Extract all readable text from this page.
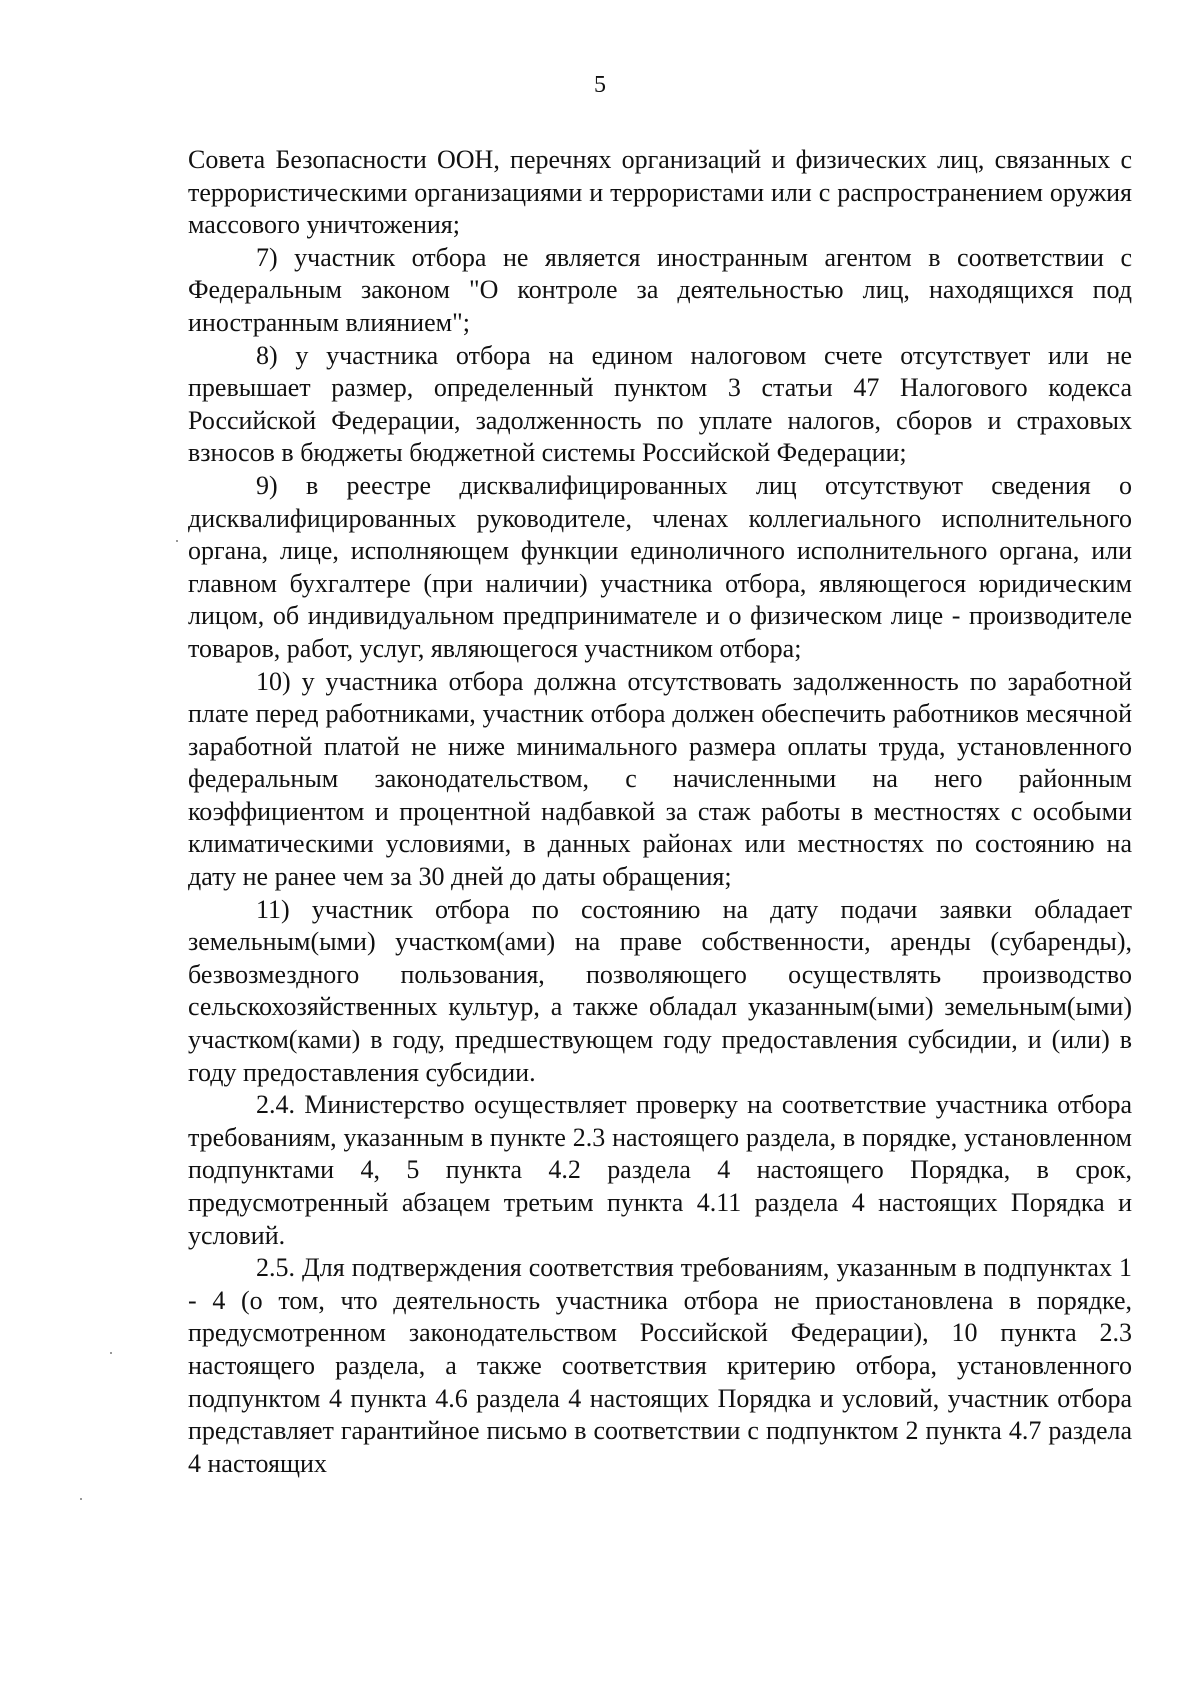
5

Совета Безопасности ООН, перечнях организаций и физических лиц, связанных с террористическими организациями и террористами или с распространением оружия массового уничтожения;

7) участник отбора не является иностранным агентом в соответствии с Федеральным законом "О контроле за деятельностью лиц, находящихся под иностранным влиянием";

8) у участника отбора на едином налоговом счете отсутствует или не превышает размер, определенный пунктом 3 статьи 47 Налогового кодекса Российской Федерации, задолженность по уплате налогов, сборов и страховых взносов в бюджеты бюджетной системы Российской Федерации;

9) в реестре дисквалифицированных лиц отсутствуют сведения о дисквалифицированных руководителе, членах коллегиального исполнительного органа, лице, исполняющем функции единоличного исполнительного органа, или главном бухгалтере (при наличии) участника отбора, являющегося юридическим лицом, об индивидуальном предпринимателе и о физическом лице - производителе товаров, работ, услуг, являющегося участником отбора;

10) у участника отбора должна отсутствовать задолженность по заработной плате перед работниками, участник отбора должен обеспечить работников месячной заработной платой не ниже минимального размера оплаты труда, установленного федеральным законодательством, с начисленными на него районным коэффициентом и процентной надбавкой за стаж работы в местностях с особыми климатическими условиями, в данных районах или местностях по состоянию на дату не ранее чем за 30 дней до даты обращения;

11) участник отбора по состоянию на дату подачи заявки обладает земельным(ыми) участком(ами) на праве собственности, аренды (субаренды), безвозмездного пользования, позволяющего осуществлять производство сельскохозяйственных культур, а также обладал указанным(ыми) земельным(ыми) участком(ками) в году, предшествующем году предоставления субсидии, и (или) в году предоставления субсидии.

2.4. Министерство осуществляет проверку на соответствие участника отбора требованиям, указанным в пункте 2.3 настоящего раздела, в порядке, установленном подпунктами 4, 5 пункта 4.2 раздела 4 настоящего Порядка, в срок, предусмотренный абзацем третьим пункта 4.11 раздела 4 настоящих Порядка и условий.

2.5. Для подтверждения соответствия требованиям, указанным в подпунктах 1 - 4 (о том, что деятельность участника отбора не приостановлена в порядке, предусмотренном законодательством Российской Федерации), 10 пункта 2.3 настоящего раздела, а также соответствия критерию отбора, установленного подпунктом 4 пункта 4.6 раздела 4 настоящих Порядка и условий, участник отбора представляет гарантийное письмо в соответствии с подпунктом 2 пункта 4.7 раздела 4 настоящих
